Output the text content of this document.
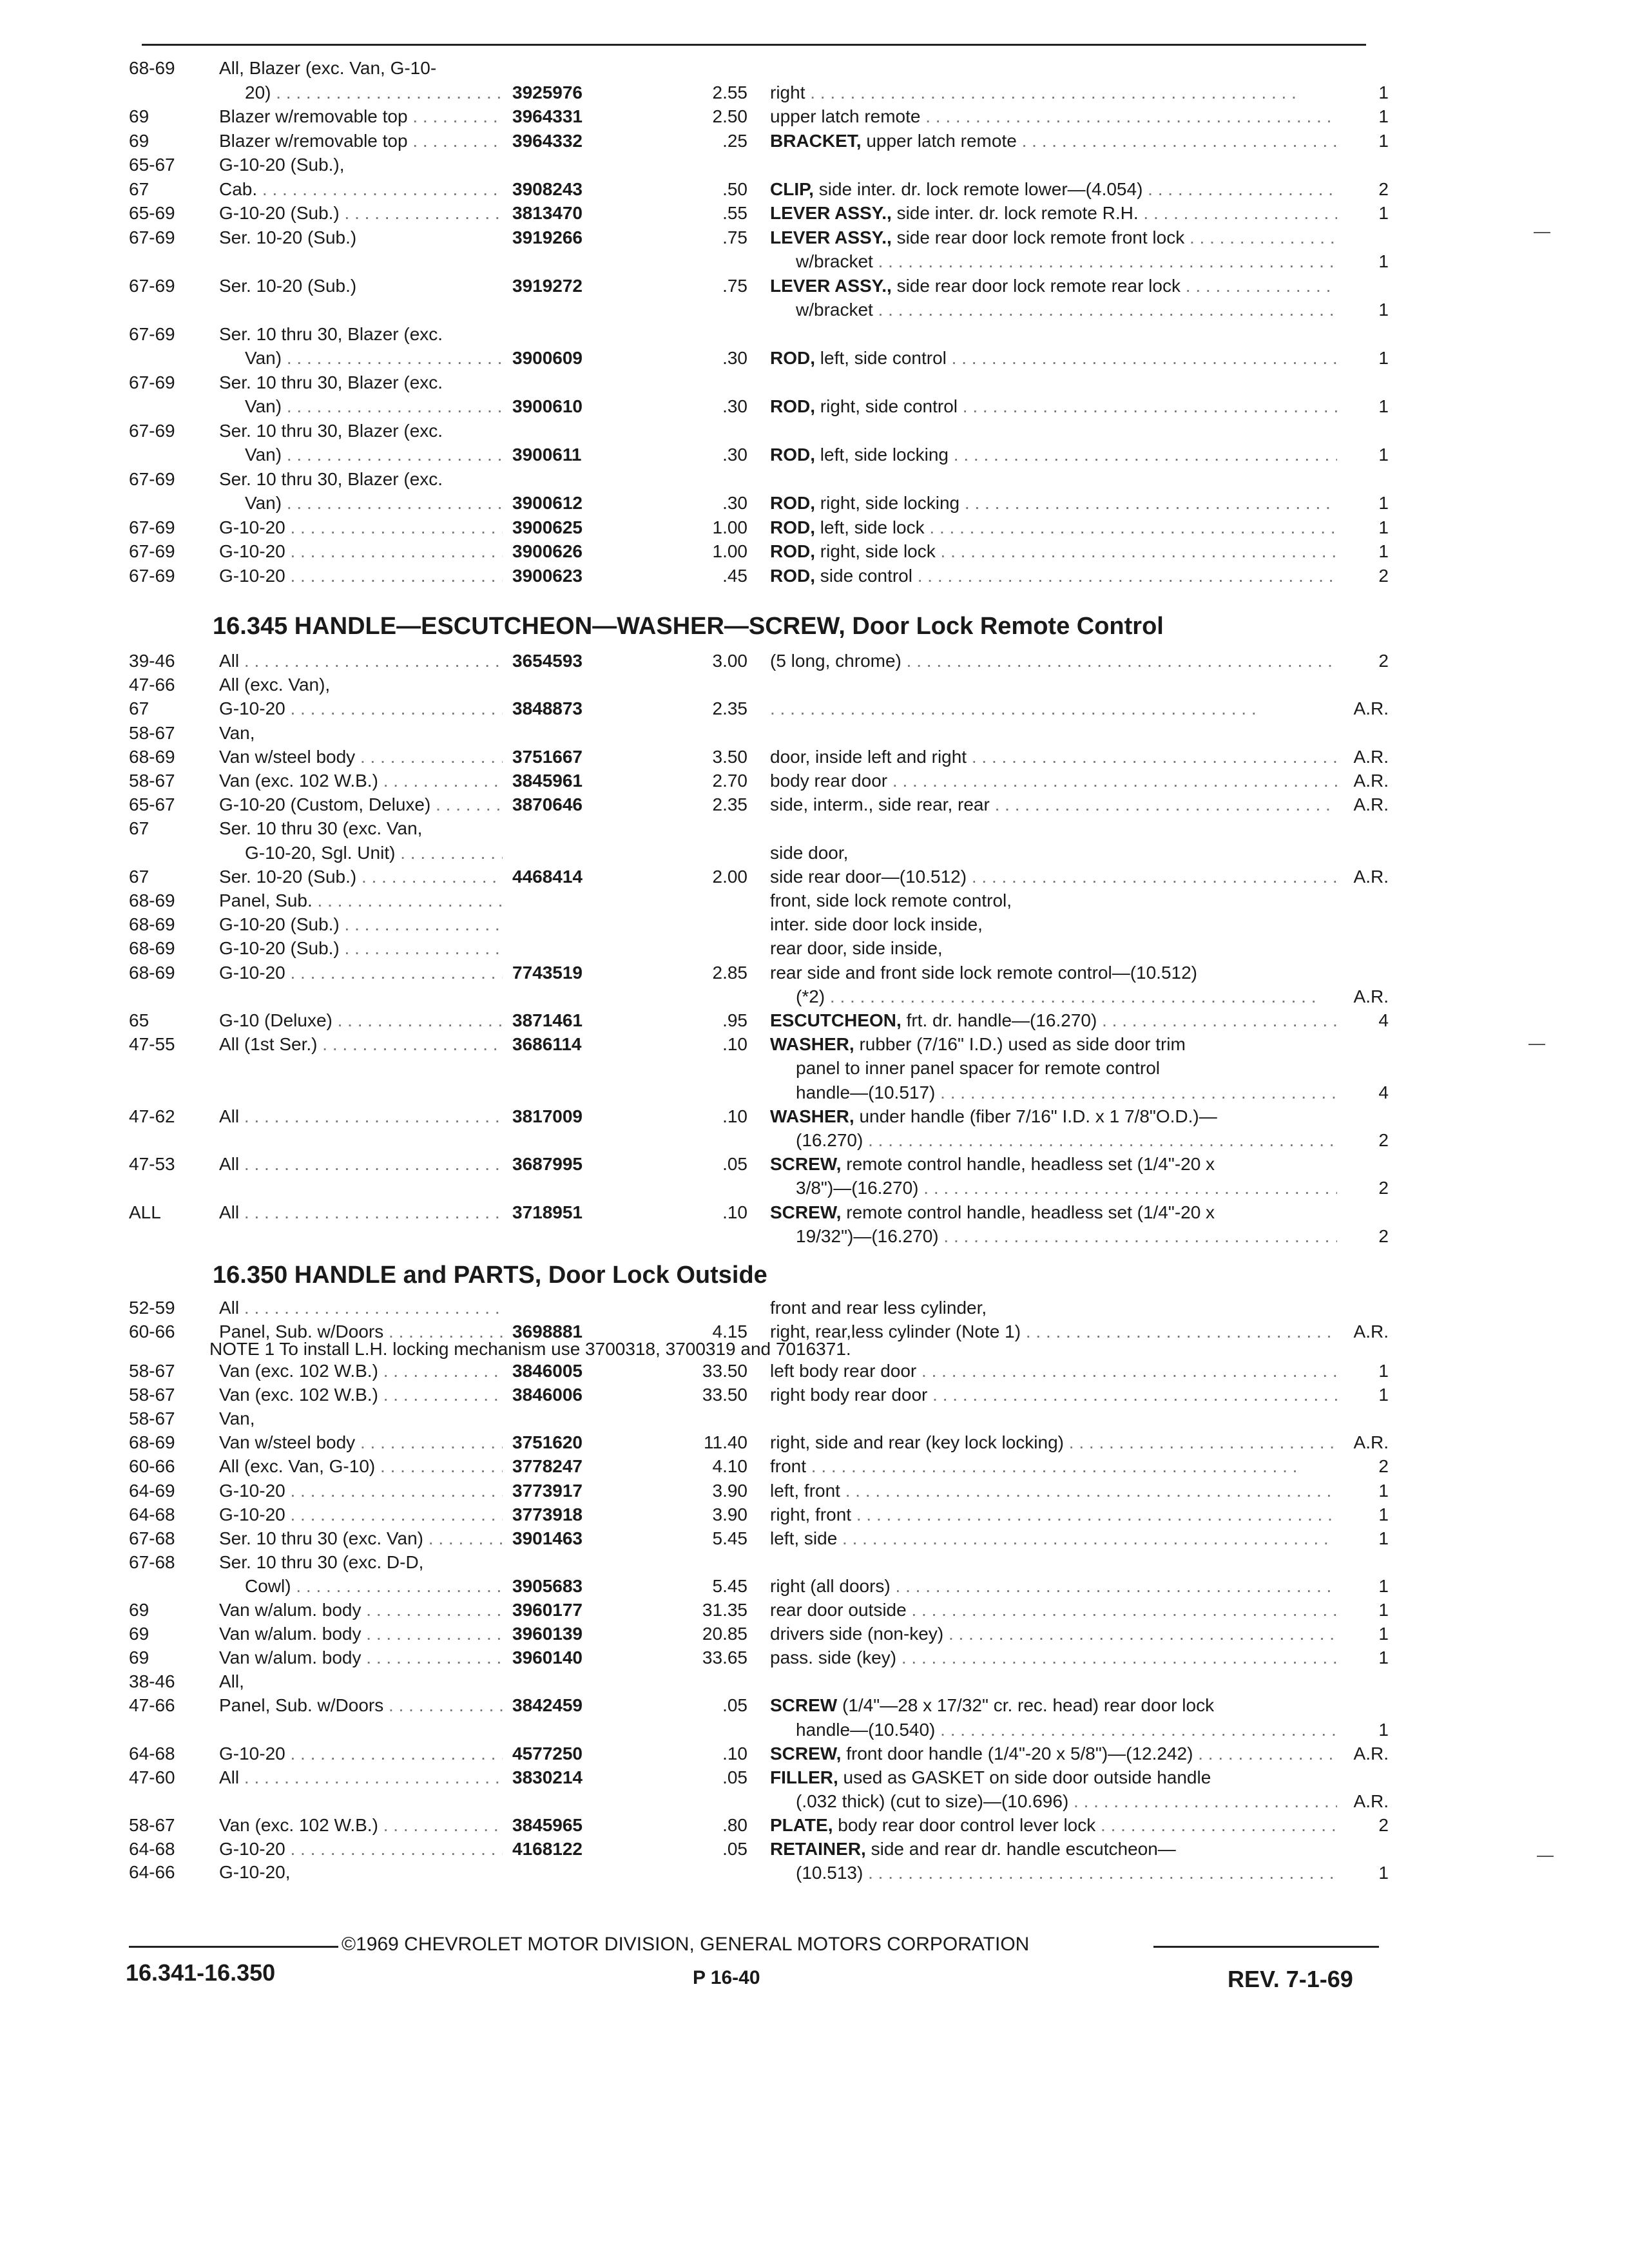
68-69	All, Blazer (exc. Van, G-10-
20) . . .	3925976	2.55 right . . .	1
69	Blazer w/removable top . . .	3964331	2.50 upper latch remote . . .	1
69	Blazer w/removable top . . .	3964332	.25 BRACKET, upper latch remote . . .	1
65-67	G-10-20 (Sub.),
67	Cab. . . .	3908243	.50 CLIP, side inter. dr. lock remote lower—(4.054) . . .	2
65-69	G-10-20 (Sub.) . . .	3813470	.55 LEVER ASSY., side inter. dr. lock remote R.H. . . .	1
67-69	Ser. 10-20 (Sub.)	3919266	.75 LEVER ASSY., side rear door lock remote front lock . . .
w/bracket . . .	1
67-69	Ser. 10-20 (Sub.)	3919272	.75 LEVER ASSY., side rear door lock remote rear lock . . .
w/bracket . . .	1
67-69	Ser. 10 thru 30, Blazer (exc.
Van) . . .	3900609	.30 ROD, left, side control . . .	1
67-69	Ser. 10 thru 30, Blazer (exc.
Van) . . .	3900610	.30 ROD, right, side control . . .	1
67-69	Ser. 10 thru 30, Blazer (exc.
Van) . . .	3900611	.30 ROD, left, side locking . . .	1
67-69	Ser. 10 thru 30, Blazer (exc.
Van) . . .	3900612	.30 ROD, right, side locking . . .	1
67-69	G-10-20 . . .	3900625	1.00 ROD, left, side lock . . .	1
67-69	G-10-20 . . .	3900626	1.00 ROD, right, side lock . . .	1
67-69	G-10-20 . . .	3900623	.45 ROD, side control . . .	2
16.345 HANDLE—ESCUTCHEON—WASHER—SCREW, Door Lock Remote Control
39-46	All . . .	3654593	3.00 (5 long, chrome) . . .	2
47-66	All (exc. Van),
67	G-10-20 . . .	3848873	2.35 . . .	A.R.
58-67	Van,
68-69	Van w/steel body . . .	3751667	3.50 door, inside left and right . . .	A.R.
58-67	Van (exc. 102 W.B.) . . .	3845961	2.70 body rear door . . .	A.R.
65-67	G-10-20 (Custom, Deluxe) . . .	3870646	2.35 side, interm., side rear, rear . . .	A.R.
67	Ser. 10 thru 30 (exc. Van,
G-10-20, Sgl. Unit) . . .	side door,
67	Ser. 10-20 (Sub.) . . .	4468414	2.00 side rear door—(10.512) . . .	A.R.
68-69	Panel, Sub. . . .	front, side lock remote control,
68-69	G-10-20 (Sub.) . . .	inter. side door lock inside,
68-69	G-10-20 (Sub.) . . .	rear door, side inside,
68-69	G-10-20 . . .	7743519	2.85 rear side and front side lock remote control—(10.512)
(*2) . . .	A.R.
65	G-10 (Deluxe) . . .	3871461	.95 ESCUTCHEON, frt. dr. handle—(16.270) . . .	4
47-55	All (1st Ser.) . . .	3686114	.10 WASHER, rubber (7/16" I.D.) used as side door trim
panel to inner panel spacer for remote control
handle—(10.517) . . .	4
47-62	All . . .	3817009	.10 WASHER, under handle (fiber 7/16" I.D. x 1 7/8"O.D.)—
(16.270) . . .	2
47-53	All . . .	3687995	.05 SCREW, remote control handle, headless set (1/4"-20 x
3/8")—(16.270) . . .	2
ALL	All . . .	3718951	.10 SCREW, remote control handle, headless set (1/4"-20 x
19/32")—(16.270) . . .	2
16.350 HANDLE and PARTS, Door Lock Outside
52-59	All . . .	front and rear less cylinder,
60-66	Panel, Sub. w/Doors . . .	3698881	4.15 right, rear,less cylinder (Note 1) . . .	A.R.
NOTE 1 To install L.H. locking mechanism use 3700318, 3700319 and 7016371.
58-67	Van (exc. 102 W.B.) . . .	3846005	33.50 left body rear door . . .	1
58-67	Van (exc. 102 W.B.) . . .	3846006	33.50 right body rear door . . .	1
58-67	Van,
68-69	Van w/steel body . . .	3751620	11.40 right, side and rear (key lock locking) . . .	A.R.
60-66	All (exc. Van, G-10) . . .	3778247	4.10 front . . .	2
64-69	G-10-20 . . .	3773917	3.90 left, front . . .	1
64-68	G-10-20 . . .	3773918	3.90 right, front . . .	1
67-68	Ser. 10 thru 30 (exc. Van) . . .	3901463	5.45 left, side . . .	1
67-68	Ser. 10 thru 30 (exc. D-D,
Cowl) . . .	3905683	5.45 right (all doors) . . .	1
69	Van w/alum. body . . .	3960177	31.35 rear door outside . . .	1
69	Van w/alum. body . . .	3960139	20.85 drivers side (non-key) . . .	1
69	Van w/alum. body . . .	3960140	33.65 pass. side (key) . . .	1
38-46	All,
47-66	Panel, Sub. w/Doors . . .	3842459	.05 SCREW (1/4"—28 x 17/32" cr. rec. head) rear door lock
handle—(10.540) . . .	1
64-68	G-10-20 . . .	4577250	.10 SCREW, front door handle (1/4"-20 x 5/8")—(12.242) . . .	A.R.
47-60	All . . .	3830214	.05 FILLER, used as GASKET on side door outside handle
(.032 thick) (cut to size)—(10.696) . . .	A.R.
58-67	Van (exc. 102 W.B.) . . .	3845965	.80 PLATE, body rear door control lever lock . . .	2
64-68	G-10-20 . . .	4168122	.05 RETAINER, side and rear dr. handle escutcheon—
(10.513) . . .	1
64-66	G-10-20,
©1969 CHEVROLET MOTOR DIVISION, GENERAL MOTORS CORPORATION
16.341-16.350	P 16-40	REV. 7-1-69
